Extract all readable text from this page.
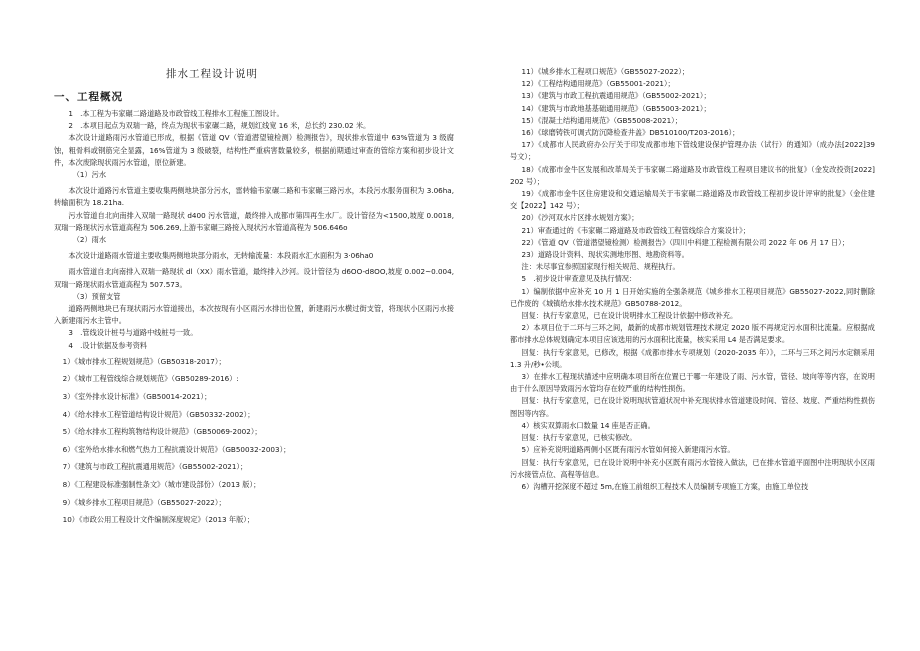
排水工程设计说明
一、工程概况

1　.本工程为韦家碾二路道路及市政管线工程排水工程施工图设计。

2　.本项目起点为双瑞一路，终点为现状韦家碾二路，规划红线宽 16 米，总长约 230.02 米。

本次设计道路雨污水管道已形成，根据《管道 QV（管道潜望镜检测）检测报告》，现状排水管道中 63%管道为 3 级腐蚀，粗骨料或钢筋完全显露，16%管道为 3 级破裂，结构性严重病害数量较多，根据前期通过审查的管综方案和初步设计文件，本次废除现状雨污水管道，原位新建。

（1）污水

本次设计道路污水管道主要收集两侧地块部分污水，雷转输韦家碾二路和韦家碾三路污水，本段污水服务面积为 3.06ha,转输面积为 18.21ha.

污水管道自北向南排入双瑞一路现状 d400 污水管道，最终排入成都市第四再生水厂。设计管径为<1500,坡度 0.0018,双瑞一路现状污水管道高程为 506.269,上游韦家碾三路接入现状污水管道高程为 506.646o

（2）雨水

本次设计道路雨水管道主要收集两侧地块部分雨水，无转输流量：本段雨水汇水面积为 3·06ha0

雨水管道自北向南排入双瑞一路现状 dl（XX）雨水管道，最终排入沙河。设计管径为 d6OO-d8OO,坡度 0.002~0.004,双瑞一路现状雨水管道高程为 507.573。

（3）预留支管

道路两侧地块已有现状雨污水管道接出，本次按现有小区雨污水排出位置，新建雨污水横过街支管，将现状小区雨污水接入新建雨污水主管中。

3　.管线设计桩号与道路中线桩号一致。

4　.设计依据及参考资料

1）《城市排水工程规划规范》（GB50318-2017）；

2）《城市工程管线综合规划规范》（GB50289-2016）:

3）《室外排水设计标准》（GB50014-2021）；

4）《给水排水工程管道结构设计规范》（GB50332-2002）；

5）《给水排水工程构筑物结构设计规范》（GB50069-2002）；

6）《室外给水排水和燃气热力工程抗震设计规范》（GB50032-2003）；

7）《建筑与市政工程抗震通用规范》（GB55002-2021）；

8）《工程建设标准强制性条文》（城市建设部份）（2013 版）；

9）《城乡排水工程项目规范》（GB55027-2022）；

10）《市政公用工程设计文件编制深度规定》（2013 年版）；

11）《城乡排水工程项口规范》（GB55027-2022）；

12）《工程结构通用规范》（GB55001-2021）；

13）《建筑与市政工程抗震通用规范》（GB55002-2021）；

14）《建筑与市政地基基础通用规范》（GB55003-2021）；

15）《混凝土结构通用规范》（GB55008-2021）；

16）《球磨铸铁可调式防沉降检查井盖》DB510100/T203-2016）；

17）《成都市人民政府办公厅关于印发成都市地下管线建设保护管理办法（试行）的通知》（成办法[2022]39 号文）；

18）《成都市金牛区发展和改革局关于韦家碾二路道路及市政管线工程项目建议书的批复》（金发改投资[2022]202 号）；

19）《成都市金牛区住房建设和交通运输局关于韦家碾二路道路及市政管线工程初步设计评审的批复》（金住建交【2022】142 号）；

20）《沙河双水片区排水规划方案》；

21）审查通过的《韦家碾二路道路及市政管线工程管线综合方案设计》；

22）《管道 QV（管道潜望镜检测）检测报告》（四川中科建工程检测有限公司 2022 年 06 月 17 日）；

23）道路设计资料、现状实测地形图、地勘资料等。

注：未尽事宜参照国家现行相关规范、规程执行。

5　.初步设计审查意见及执行情况：

1）编制依据中应补充 10 月 1 日开始实施的全强条规范《城乡排水工程项目规范》GB55027-2022,同时删除已作废的《城镇给水排水技术规范》GB50788-2012。

回复：执行专家意见，已在设计说明排水工程设计依据中修改补充。

2）本项目位于二环与三环之间，最新的成都市规划管理技术规定 2020 版不再规定污水面积比流量。应根据成都市排水总体规划确定本项目应该选用的污水面积比流量，核实采用 L4 是否满足要求。

回复：执行专家意见，已修改，根据《成都市排水专项规划（2020-2035 年）》，二环与三环之间污水定额采用 1.3 升/秒•公顷。

3）在排水工程现状描述中应明确本项目所在位置已于哪一年建设了雨、污水管，管径、坡向等等内容，在说明由于什么原因导致雨污水管均存在较严重的结构性损伤。

回复：执行专家意见，已在设计说明现状管道状况中补充现状排水管道建设时间、管径、坡度、严重结构性损伤图因等内容。

4）核实双算雨水口数量 14 座是否正确。

回复：执行专家意见，已核实修改。

5）应补充说明道路两侧小区既有雨污水管如何接入新建雨污水管。

回复：执行专家意见，已在设计说明中补充小区既有雨污水管接入做法，已在排水管道平面图中注明现状小区雨污水接管点位、高程等信息。

6）沟槽开挖深度不超过 5m,在施工前组织工程技术人员编制专项施工方案，由施工单位技
